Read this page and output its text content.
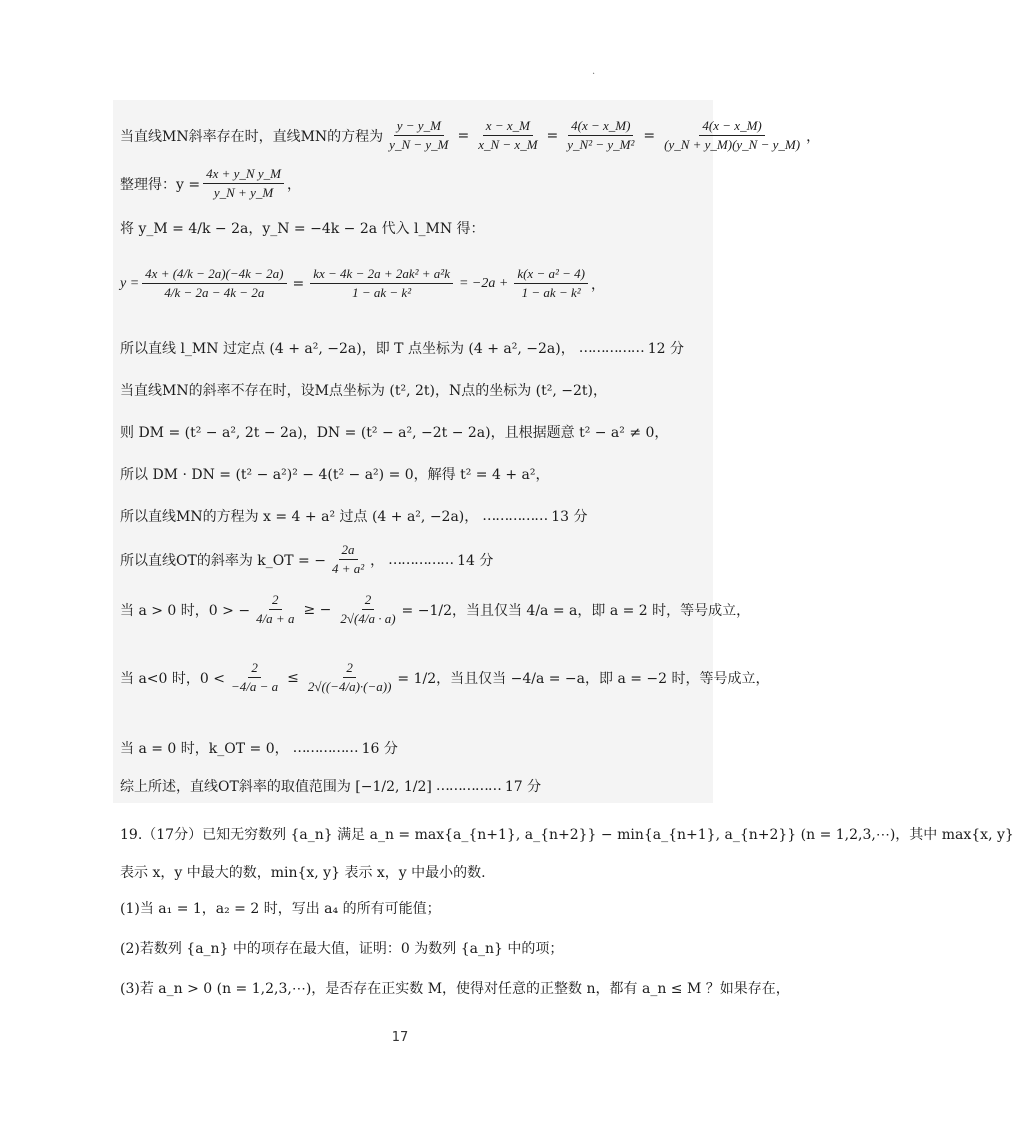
.
当直线MN斜率存在时，直线MN的方程为 $\frac{y - y\_M}{y\_N - y\_M} = \frac{x - x\_M}{x\_N - x\_M} = \frac{4(x - x\_M)}{\text{y\_N² − y\_M²}} = \frac{4(x - x\_M)}{(y\_N + y\_M)(y\_N - y\_M)}$ ，
整理得：$y = \frac{\text{4x + y\_N y\_M}}{y\_N + y\_M}$ ，
将 y_M = 4/k − 2a，y_N = −4k − 2a 代入 l_MN 得：
$y = \frac{4x + (4/k - 2a)(-4k - 2a)}{4/k - 2a - 4k - 2a} = \frac{\text{kx − 4k − 2a + 2ak² + a²k}}{\text{1 − ak − k²}} = -2a + \frac{\text{k(x − a² − 4)}}{\text{1 − ak − k²}}$ ，
所以直线 l_MN 过定点 (4 + a², −2a)，即 T 点坐标为 (4 + a², −2a)， …………… 12 分
当直线MN的斜率不存在时，设M点坐标为 (t², 2t)，N点的坐标为 (t², −2t)，
则 DM = (t² − a², 2t − 2a)，DN = (t² − a², −2t − 2a)，且根据题意 t² − a² ≠ 0，
所以 DM · DN = (t² − a²)² − 4(t² − a²) = 0，解得 t² = 4 + a²，
所以直线MN的方程为 x = 4 + a² 过点 (4 + a², −2a)， …………… 13 分
所以直线OT的斜率为 k_OT = − $\frac{2a}{\text{4 + a²}}$ ， …………… 14 分
当 a > 0 时，0 > − $\frac{2}{4/a + a}$ ≥ − $\frac{2}{2√(4/a \cdot a)} = -1/2$，当且仅当 4/a = a，即 a = 2 时，等号成立，
当 a<0 时，$0 < \frac{2}{-4/a - a} \le \frac{2}{2√((-4/a)\cdot(-a))} = 1/2$，当且仅当 −4/a = −a，即 a = −2 时，等号成立，
当 a = 0 时，k_OT = 0， …………… 16 分
综上所述，直线OT斜率的取值范围为 [−1/2, 1/2] …………… 17 分
19.（17分）已知无穷数列 {a_n} 满足 a_n = max{a_{n+1}, a_{n+2}} − min{a_{n+1}, a_{n+2}} (n = 1,2,3,⋯)，其中 max{x, y}
表示 x，y 中最大的数，min{x, y} 表示 x，y 中最小的数.
(1)当 a₁ = 1，a₂ = 2 时，写出 a₄ 的所有可能值；
(2)若数列 {a_n} 中的项存在最大值，证明：0 为数列 {a_n} 中的项；
(3)若 a_n > 0 (n = 1,2,3,⋯)，是否存在正实数 M，使得对任意的正整数 n，都有 a_n ≤ M ？如果存在，
17
